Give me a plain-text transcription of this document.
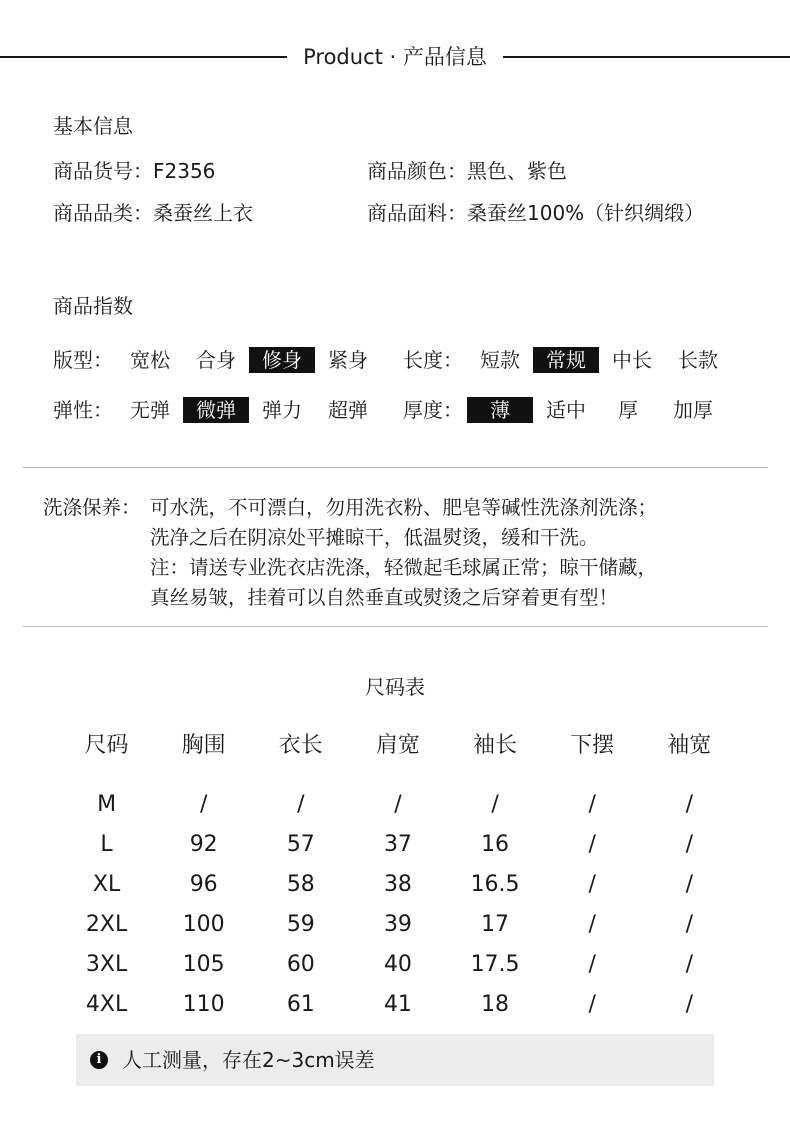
Product · 产品信息
基本信息
商品货号：F2356	商品颜色：黑色、紫色
商品品类：桑蚕丝上衣	商品面料：桑蚕丝100%（针织绸缎）
商品指数
版型： 宽松	合身	修身	紧身	长度： 短款	常规	中长	长款
弹性： 无弹	微弹	弹力	超弹	厚度：	薄	适中	厚	加厚
洗涤保养： 可水洗，不可漂白，勿用洗衣粉、肥皂等碱性洗涤剂洗涤；
洗净之后在阴凉处平摊晾干，低温熨烫，缓和干洗。
注：请送专业洗衣店洗涤，轻微起毛球属正常；晾干储藏，
真丝易皱，挂着可以自然垂直或熨烫之后穿着更有型！
尺码表
尺码	胸围	衣长	肩宽	袖长	下摆	袖宽
M	/	/	/	/	/	/
L	92	57	37	16	/	/
XL	96	58	38	16.5	/	/
2XL	100	59	39	17	/	/
3XL	105	60	40	17.5	/	/
4XL	110	61	41	18	/	/
i	人工测量，存在2~3cm误差
